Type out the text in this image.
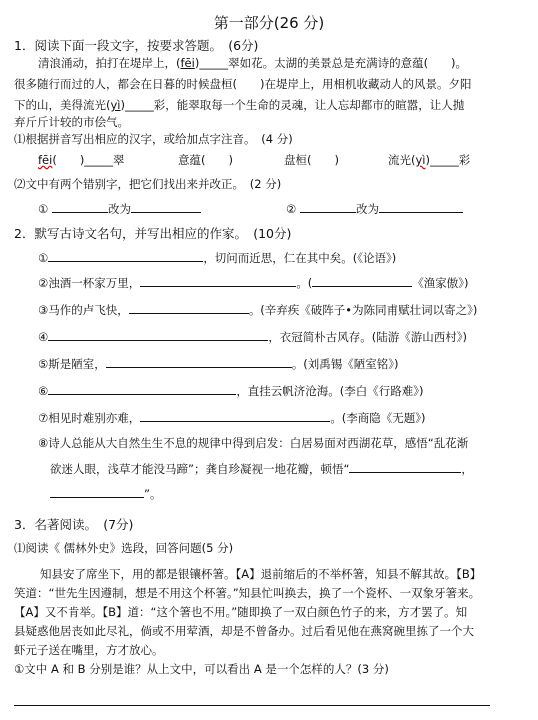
第一部分(26 分)
1．阅读下面一段文字，按要求答题。　(6分)
清浪涌动，拍打在堤岸上，(fēi)_____翠如花。太湖的美景总是充满诗的意蕴(　　)。
很多随行而过的人，都会在日暮的时候盘桓(　　)在堤岸上，用相机收藏动人的风景。夕阳
下的山，美得流光(yì)_____彩，能翠取每一个生命的灵魂，让人忘却都市的暄嚣，让人抛
弃斤斤计较的市侩气。
⑴根据拼音写出相应的汉字，或给加点字注音。　(4 分)
fēi(　　)_____翠	意蕴(　　)	盘桓(　　)	流光(yì)_____彩
⑵文中有两个错别字，把它们找出来并改正。　(2 分)
①	改为	②	改为
2．默写古诗文名句，并写出相应的作家。　(10分)
①	，切问而近思，仁在其中矣。(《论语》)
②浊酒一杯家万里，	。(	《渔家傲》)
③马作的卢飞快，	。(辛弃疾《破阵子•为陈同甫赋壮词以寄之》)
④	，衣冠简朴古风存。(陆游《游山西村》)
⑤斯是陋室，	。(刘禹锡《陋室铭》)
⑥	，直挂云帆济沧海。(李白《行路难》)
⑦相见时难别亦难，	。(李商隐《无题》)
⑧诗人总能从大自然生生不息的规律中得到启发：白居易面对西湖花草，感悟“乱花渐
欲迷人眼，浅草才能没马蹄”；龚自珍凝视一地花瓣，顿悟“	，
”。
3．名著阅读。　(7分)
⑴阅读《 儒林外史》选段，回答问题(5 分)
知县安了席坐下，用的都是银镶杯箸。【A】退前缩后的不举杯箸，知县不解其故。【B】
笑道：“世先生因遵制，想是不用这个杯箸。”知县忙叫换去，换了一个瓷杯、一双象牙箸来。
【A】又不肯举。【B】道：“这个箸也不用。”随即换了一双白颜色竹子的来，方才罢了。知
县疑惑他居丧如此尽礼，倘或不用荤酒，却是不曾备办。过后看见他在燕窝碗里拣了一个大
虾元子送在嘴里，方才放心。
①文中 A 和 B 分别是谁？从上文中，可以看出 A 是一个怎样的人？(3 分)
